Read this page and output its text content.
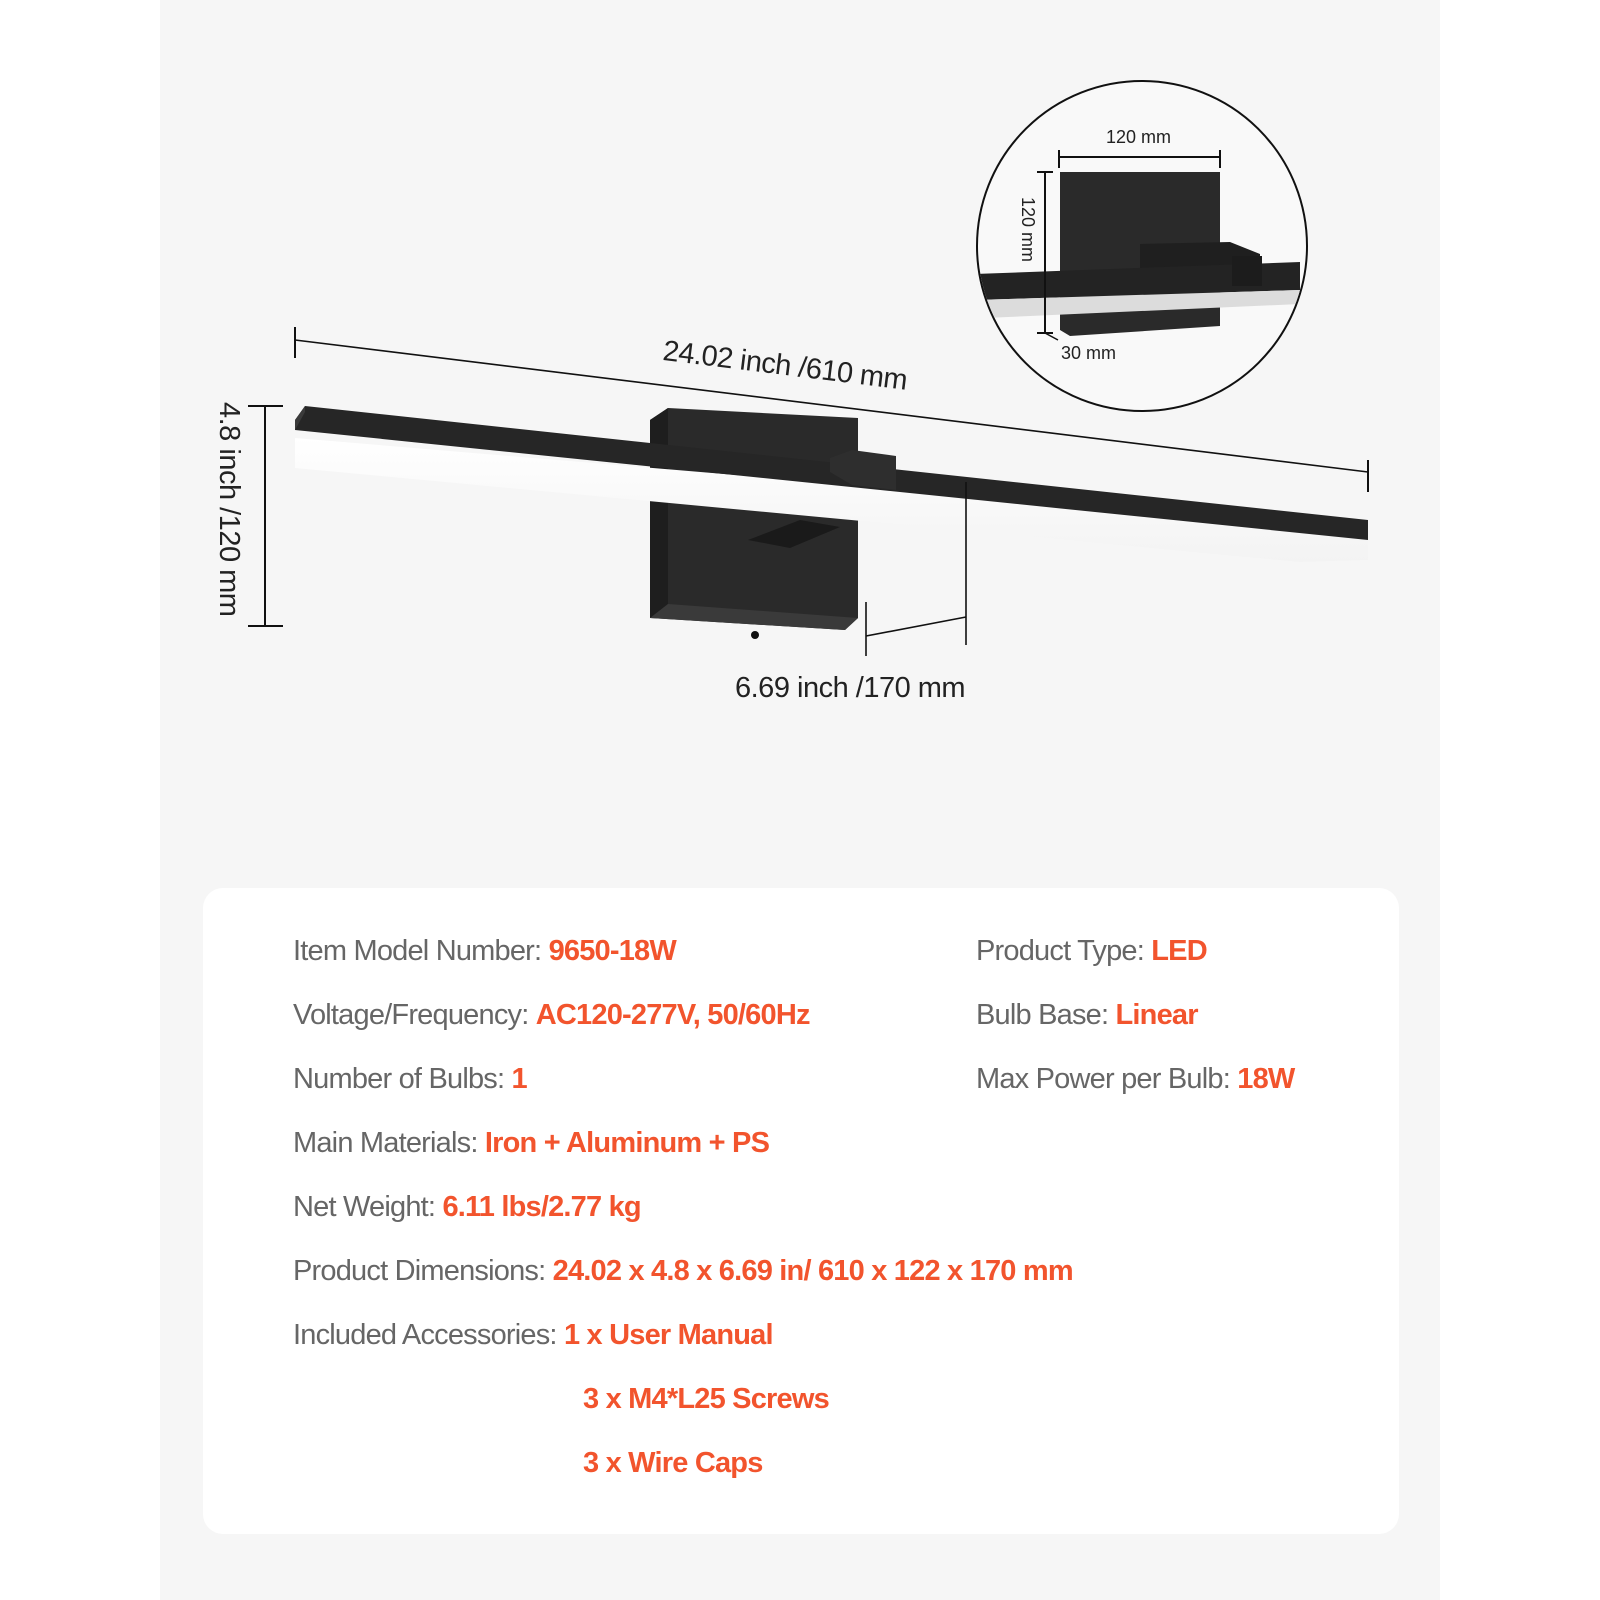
24.02 inch /610 mm
4.8 inch /120 mm
6.69 inch /170 mm
120 mm
120 mm
30 mm
Item Model Number: 9650-18W
Voltage/Frequency: AC120-277V, 50/60Hz
Number of Bulbs: 1
Main Materials: Iron + Aluminum + PS
Net Weight: 6.11 lbs/2.77 kg
Product Dimensions: 24.02 x 4.8 x 6.69 in/ 610 x 122 x 170 mm
Included Accessories: 1 x User Manual
3 x M4*L25 Screws
3 x Wire Caps
Product Type: LED
Bulb Base: Linear
Max Power per Bulb: 18W
